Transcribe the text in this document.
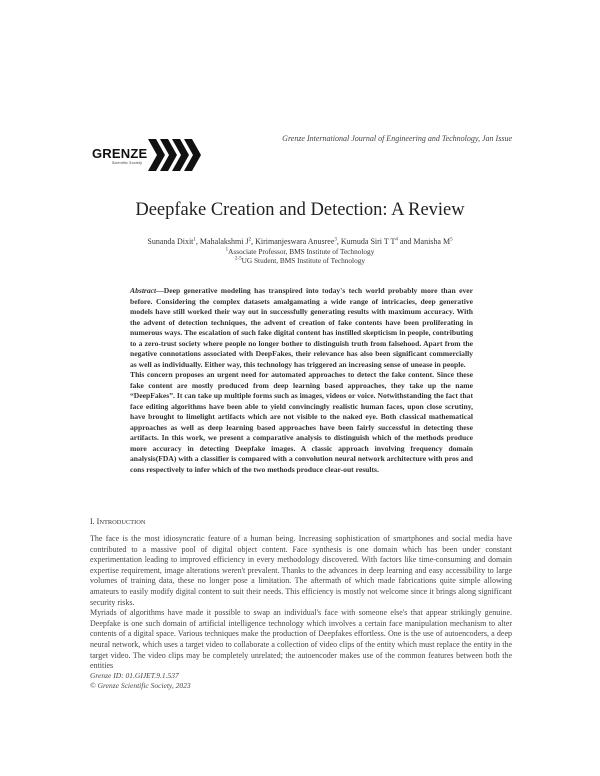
GRENZE
Scientific Society
Grenze International Journal of Engineering and Technology, Jan Issue
Deepfake Creation and Detection: A Review
Sunanda Dixit$^1$, Mahalakshmi $J^2$, Kirimanjeswara Anusree$^3$, Kumuda Siri T $T^4$ and Manisha $M^5$
$^1$Associate Professor, BMS Institute of Technology
$^{2-5}$UG Student, BMS Institute of Technology

Abstract—Deep generative modeling has transpired into today's tech world probably more than ever before. Considering the complex datasets amalgamating a wide range of intricacies, deep generative models have still worked their way out in successfully generating results with maximum accuracy. With the advent of detection techniques, the advent of creation of fake contents have been proliferating in numerous ways. The escalation of such fake digital content has instilled skepticism in people, contributing to a zero-trust society where people no longer bother to distinguish truth from falsehood. Apart from the negative connotations associated with DeepFakes, their relevance has also been significant commercially as well as individually. Either way, this technology has triggered an increasing sense of unease in people.

This concern proposes an urgent need for automated approaches to detect the fake content. Since these fake content are mostly produced from deep learning based approaches, they take up the name “DeepFakes”. It can take up multiple forms such as images, videos or voice. Notwithstanding the fact that face editing algorithms have been able to yield convincingly realistic human faces, upon close scrutiny, have brought to limelight artifacts which are not visible to the naked eye. Both classical mathematical approaches as well as deep learning based approaches have been fairly successful in detecting these artifacts. In this work, we present a comparative analysis to distinguish which of the methods produce more accuracy in detecting Deepfake images. A classic approach involving frequency domain analysis(FDA) with a classifier is compared with a convolution neural network architecture with pros and cons respectively to infer which of the two methods produce clear-out results.

I. INTRODUCTION

The face is the most idiosyncratic feature of a human being. Increasing sophistication of smartphones and social media have contributed to a massive pool of digital object content. Face synthesis is one domain which has been under constant experimentation leading to improved efficiency in every methodology discovered. With factors like time-consuming and domain expertise requirement, image alterations weren't prevalent. Thanks to the advances in deep learning and easy accessibility to large volumes of training data, these no longer pose a limitation. The aftermath of which made fabrications quite simple allowing amateurs to easily modify digital content to suit their needs. This efficiency is mostly not welcome since it brings along significant security risks.

Myriads of algorithms have made it possible to swap an individual's face with someone else's that appear strikingly genuine. Deepfake is one such domain of artificial intelligence technology which involves a certain face manipulation mechanism to alter contents of a digital space. Various techniques make the production of Deepfakes effortless. One is the use of autoencoders, a deep neural network, which uses a target video to collaborate a collection of video clips of the entity which must replace the entity in the target video. The video clips may be completely unrelated; the autoencoder makes use of the common features between both the entities

Grenze ID: 01.GIJET.9.1.537
© Grenze Scientific Society, 2023
